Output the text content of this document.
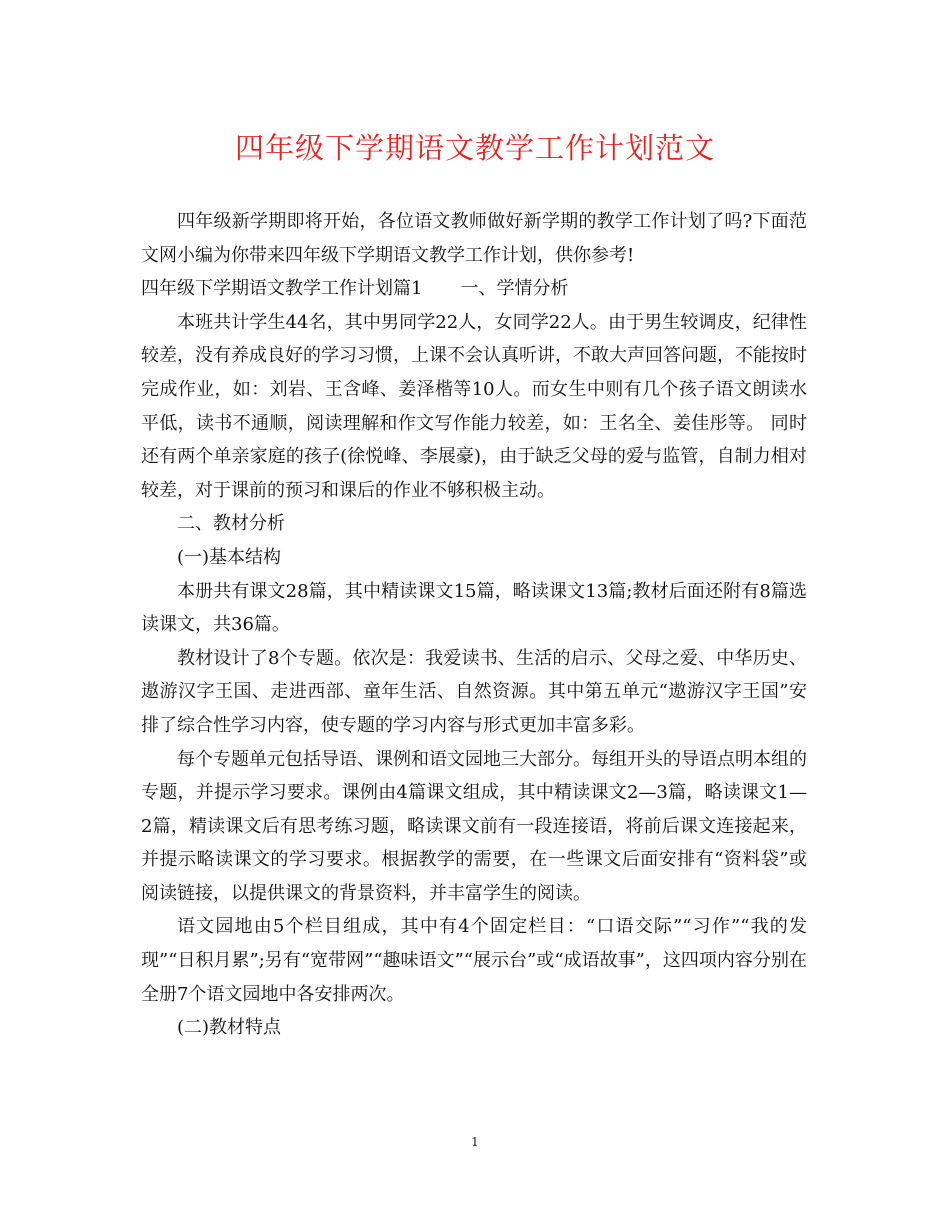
四年级下学期语文教学工作计划范文

四年级新学期即将开始，各位语文教师做好新学期的教学工作计划了吗?下面范文网小编为你带来四年级下学期语文教学工作计划，供你参考!

四年级下学期语文教学工作计划篇1 一、学情分析

本班共计学生44名，其中男同学22人，女同学22人。由于男生较调皮，纪律性较差，没有养成良好的学习习惯，上课不会认真听讲，不敢大声回答问题，不能按时完成作业，如：刘岩、王含峰、姜泽楷等10人。而女生中则有几个孩子语文朗读水平低，读书不通顺，阅读理解和作文写作能力较差，如：王名全、姜佳彤等。 同时还有两个单亲家庭的孩子(徐悦峰、李展豪)，由于缺乏父母的爱与监管，自制力相对较差，对于课前的预习和课后的作业不够积极主动。

二、教材分析

(一)基本结构

本册共有课文28篇，其中精读课文15篇，略读课文13篇;教材后面还附有8篇选读课文，共36篇。

教材设计了8个专题。依次是：我爱读书、生活的启示、父母之爱、中华历史、遨游汉字王国、走进西部、童年生活、自然资源。其中第五单元“遨游汉字王国”安排了综合性学习内容，使专题的学习内容与形式更加丰富多彩。

每个专题单元包括导语、课例和语文园地三大部分。每组开头的导语点明本组的专题，并提示学习要求。课例由4篇课文组成，其中精读课文2—3篇，略读课文1—2篇，精读课文后有思考练习题，略读课文前有一段连接语，将前后课文连接起来，并提示略读课文的学习要求。根据教学的需要，在一些课文后面安排有“资料袋”或阅读链接，以提供课文的背景资料，并丰富学生的阅读。

语文园地由5个栏目组成，其中有4个固定栏目：“口语交际”“习作”“我的发现”“日积月累”;另有“宽带网”“趣味语文”“展示台”或“成语故事”，这四项内容分别在全册7个语文园地中各安排两次。

(二)教材特点

1
